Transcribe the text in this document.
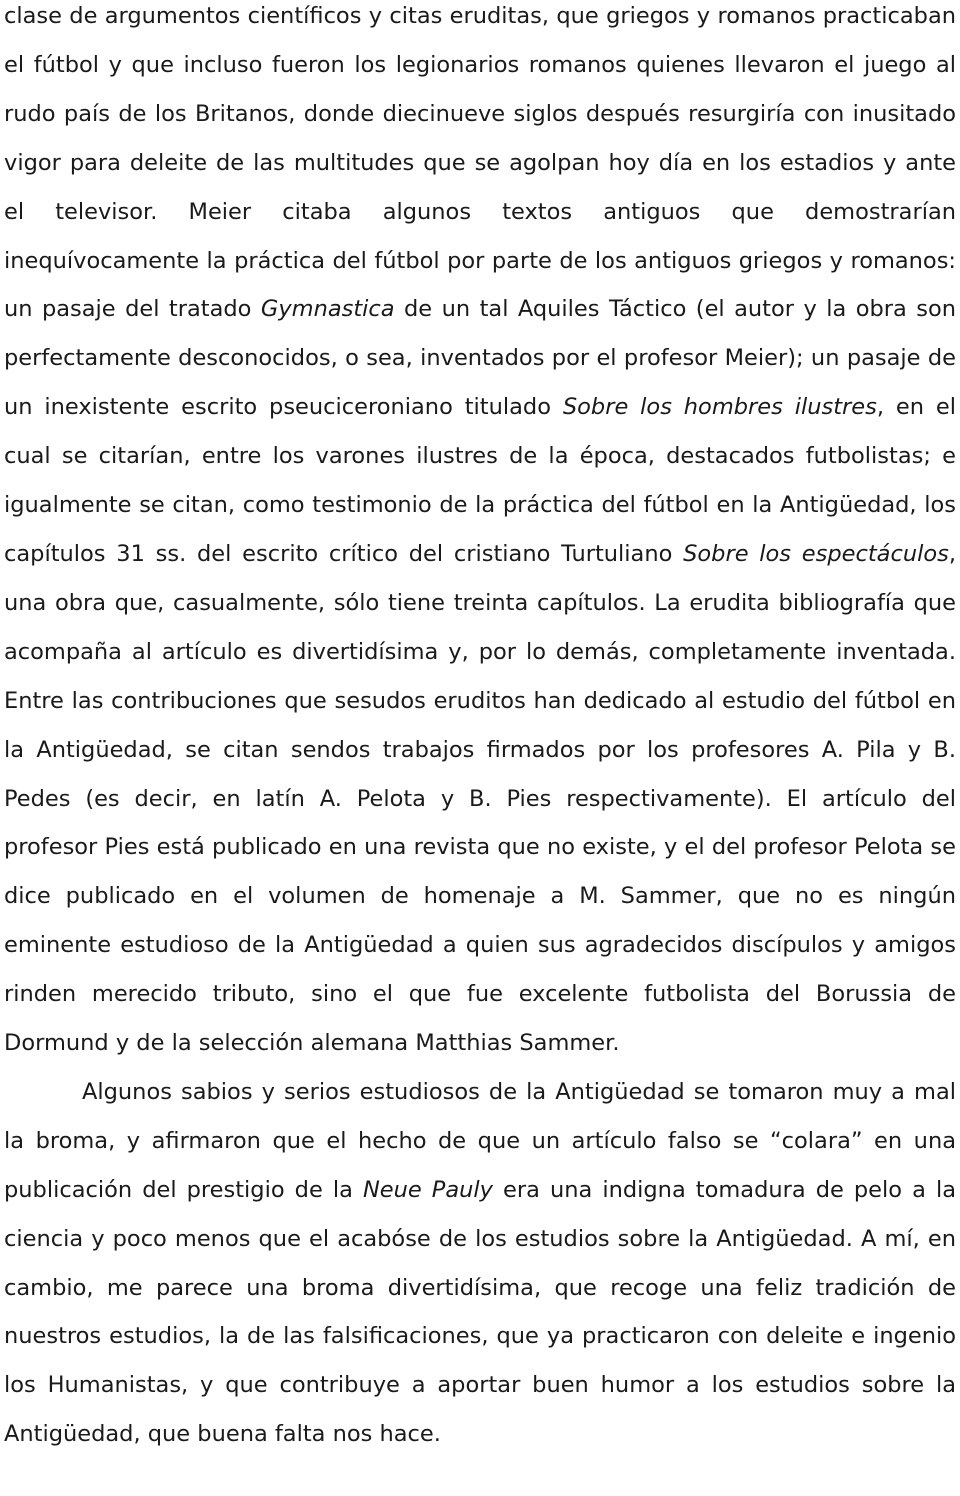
clase de argumentos científicos y citas eruditas, que griegos y romanos practicaban el fútbol y que incluso fueron los legionarios romanos quienes llevaron el juego al rudo país de los Britanos, donde diecinueve siglos después resurgiría con inusitado vigor para deleite de las multitudes que se agolpan hoy día en los estadios y ante el televisor. Meier citaba algunos textos antiguos que demostrarían inequívocamente la práctica del fútbol por parte de los antiguos griegos y romanos: un pasaje del tratado Gymnastica de un tal Aquiles Táctico (el autor y la obra son perfectamente desconocidos, o sea, inventados por el profesor Meier); un pasaje de un inexistente escrito pseuciceroniano titulado Sobre los hombres ilustres, en el cual se citarían, entre los varones ilustres de la época, destacados futbolistas; e igualmente se citan, como testimonio de la práctica del fútbol en la Antigüedad, los capítulos 31 ss. del escrito crítico del cristiano Turtuliano Sobre los espectáculos, una obra que, casualmente, sólo tiene treinta capítulos. La erudita bibliografía que acompaña al artículo es divertidísima y, por lo demás, completamente inventada. Entre las contribuciones que sesudos eruditos han dedicado al estudio del fútbol en la Antigüedad, se citan sendos trabajos firmados por los profesores A. Pila y B. Pedes (es decir, en latín A. Pelota y B. Pies respectivamente). El artículo del profesor Pies está publicado en una revista que no existe, y el del profesor Pelota se dice publicado en el volumen de homenaje a M. Sammer, que no es ningún eminente estudioso de la Antigüedad a quien sus agradecidos discípulos y amigos rinden merecido tributo, sino el que fue excelente futbolista del Borussia de Dormund y de la selección alemana Matthias Sammer.

Algunos sabios y serios estudiosos de la Antigüedad se tomaron muy a mal la broma, y afirmaron que el hecho de que un artículo falso se “colara” en una publicación del prestigio de la Neue Pauly era una indigna tomadura de pelo a la ciencia y poco menos que el acabóse de los estudios sobre la Antigüedad. A mí, en cambio, me parece una broma divertidísima, que recoge una feliz tradición de nuestros estudios, la de las falsificaciones, que ya practicaron con deleite e ingenio los Humanistas, y que contribuye a aportar buen humor a los estudios sobre la Antigüedad, que buena falta nos hace.
